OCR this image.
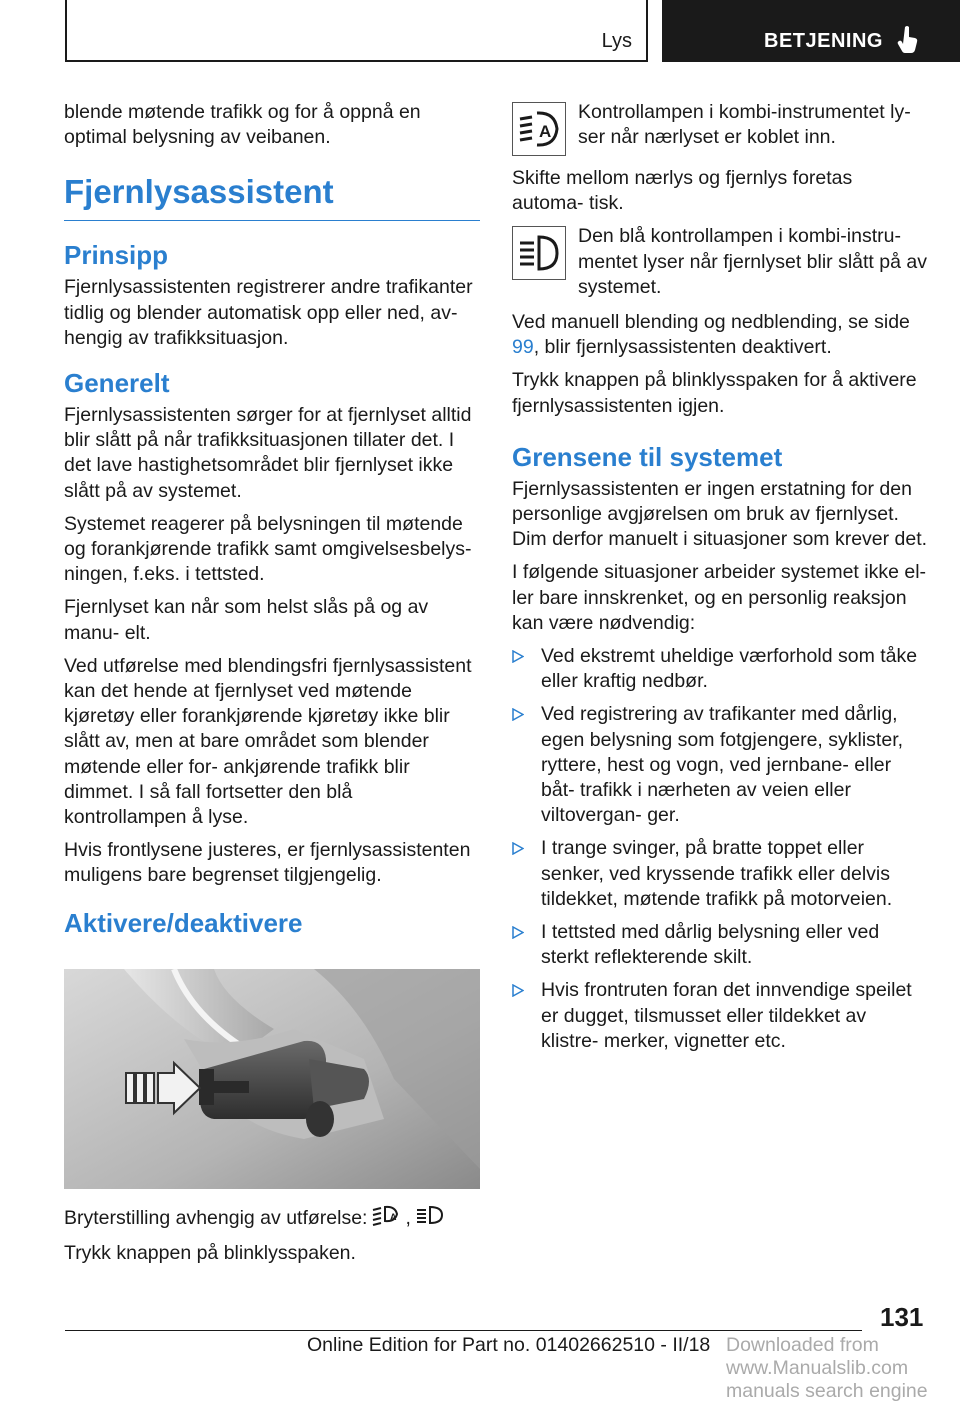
Lys	BETJENING

blende møtende trafikk og for å oppnå en optimal belysning av veibanen.

Fjernlysassistent
Prinsipp

Fjernlysassistenten registrerer andre trafikanter tidlig og blender automatisk opp eller ned, av- hengig av trafikksituasjon.

Generelt

Fjernlysassistenten sørger for at fjernlyset alltid blir slått på når trafikksituasjonen tillater det. I det lave hastighetsområdet blir fjernlyset ikke slått på av systemet.

Systemet reagerer på belysningen til møtende og forankjørende trafikk samt omgivelsesbelys- ningen, f.eks. i tettsted.

Fjernlyset kan når som helst slås på og av manu- elt.

Ved utførelse med blendingsfri fjernlysassistent kan det hende at fjernlyset ved møtende kjøretøy eller forankjørende kjøretøy ikke blir slått av, men at bare området som blender møtende eller for- ankjørende trafikk blir dimmet. I så fall fortsetter den blå kontrollampen å lyse.

Hvis frontlysene justeres, er fjernlysassistenten muligens bare begrenset tilgjengelig.

Aktivere/deaktivere

Bryterstilling avhengig av utførelse:	A ,

Trykk knappen på blinklysspaken.

A

Kontrollampen i kombi-instrumentet ly- ser når nærlyset er koblet inn.

Skifte mellom nærlys og fjernlys foretas automa- tisk.

Den blå kontrollampen i kombi-instru- mentet lyser når fjernlyset blir slått på av systemet.

Ved manuell blending og nedblending, se side 99, blir fjernlysassistenten deaktivert.

Trykk knappen på blinklysspaken for å aktivere fjernlysassistenten igjen.

Grensene til systemet

Fjernlysassistenten er ingen erstatning for den personlige avgjørelsen om bruk av fjernlyset. Dim derfor manuelt i situasjoner som krever det.

I følgende situasjoner arbeider systemet ikke el- ler bare innskrenket, og en personlig reaksjon kan være nødvendig:

Ved ekstremt uheldige værforhold som tåke eller kraftig nedbør.
Ved registrering av trafikanter med dårlig, egen belysning som fotgjengere, syklister, ryttere, hest og vogn, ved jernbane- eller båt- trafikk i nærheten av veien eller viltovergan- ger.
I trange svinger, på bratte toppet eller senker, ved kryssende trafikk eller delvis tildekket, møtende trafikk på motorveien.
I tettsted med dårlig belysning eller ved sterkt reflekterende skilt.
Hvis frontruten foran det innvendige speilet er dugget, tilsmusset eller tildekket av klistre- merker, vignetter etc.
131
Online Edition for Part no. 01402662510 - II/18 Downloaded from www.Manualslib.com manuals search engine
